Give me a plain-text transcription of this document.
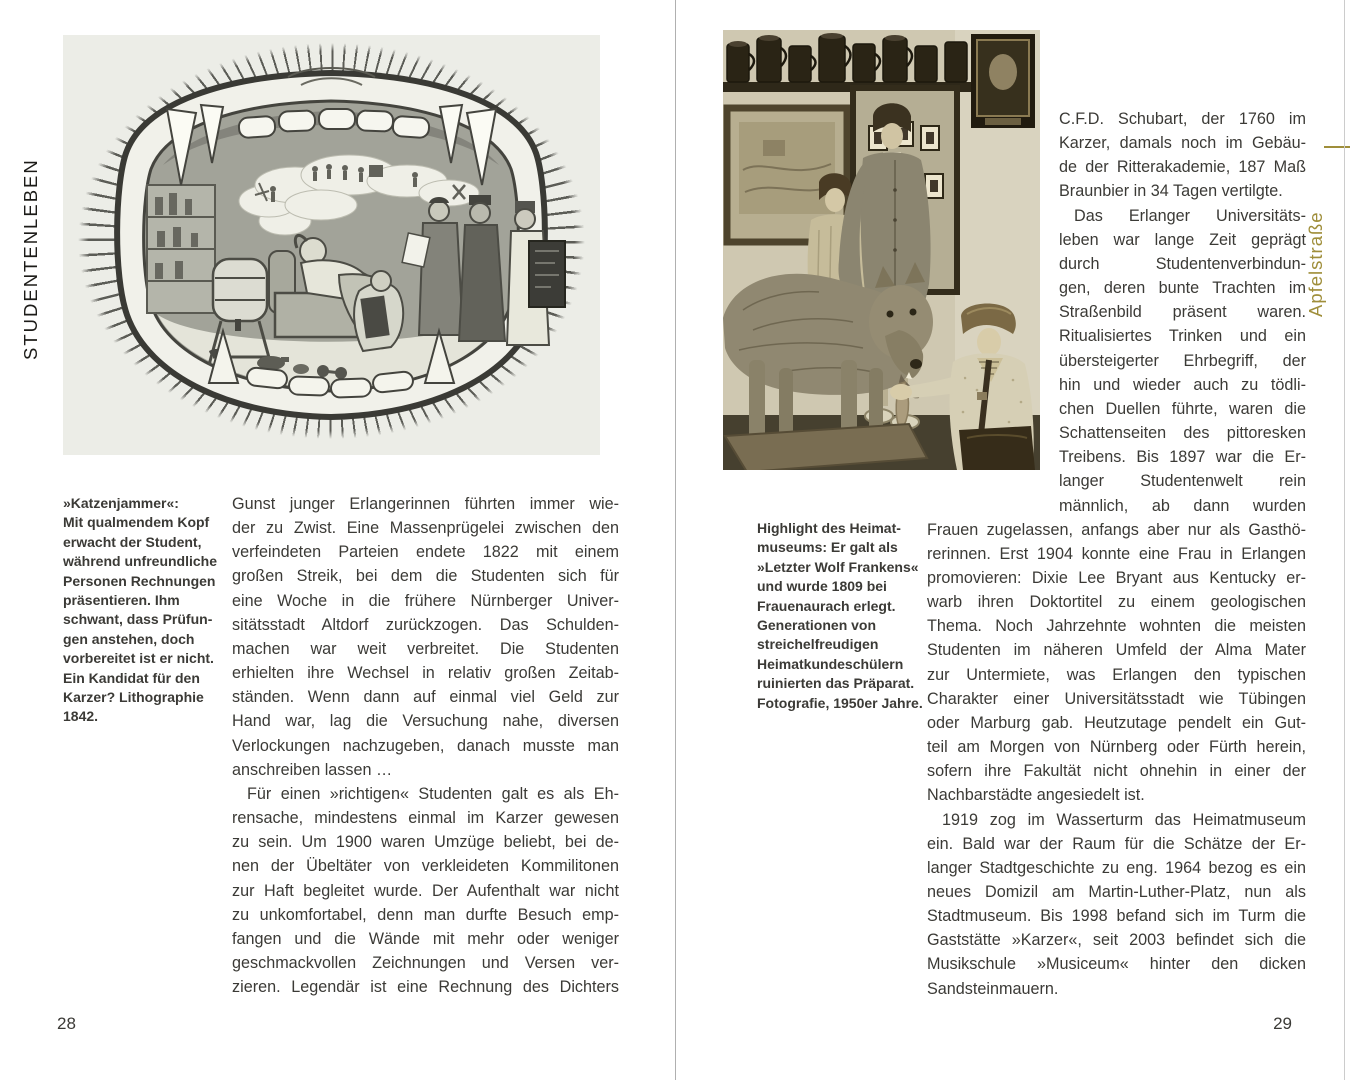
STUDENTENLEBEN
»Katzenjammer«:
Mit qualmendem Kopf
erwacht der Student,
während unfreundliche
Personen Rechnungen
präsentieren. Ihm
schwant, dass Prüfun-
gen anstehen, doch
vorbereitet ist er nicht.
Ein Kandidat für den
Karzer? Lithographie
1842.
Gunst junger Erlangerinnen führten immer wie-
der zu Zwist. Eine Massenprügelei zwischen den
verfeindeten Parteien endete 1822 mit einem
großen Streik, bei dem die Studenten sich für
eine Woche in die frühere Nürnberger Univer-
sitätsstadt Altdorf zurückzogen. Das Schulden-
machen war weit verbreitet. Die Studenten
erhielten ihre Wechsel in relativ großen Zeitab-
ständen. Wenn dann auf einmal viel Geld zur
Hand war, lag die Versuchung nahe, diversen
Verlockungen nachzugeben, danach musste man
anschreiben lassen …
Für einen »richtigen« Studenten galt es als Eh-
rensache, mindestens einmal im Karzer gewesen
zu sein. Um 1900 waren Umzüge beliebt, bei de-
nen der Übeltäter von verkleideten Kommilitonen
zur Haft begleitet wurde. Der Aufenthalt war nicht
zu unkomfortabel, denn man durfte Besuch emp-
fangen und die Wände mit mehr oder weniger
geschmackvollen Zeichnungen und Versen ver-
zieren. Legendär ist eine Rechnung des Dichters
28
Highlight des Heimat-
museums: Er galt als
»Letzter Wolf Frankens«
und wurde 1809 bei
Frauenaurach erlegt.
Generationen von
streichelfreudigen
Heimatkundeschülern
ruinierten das Präparat.
Fotografie, 1950er Jahre.
C.F.D. Schubart, der 1760 im
Karzer, damals noch im Gebäu-
de der Ritterakademie, 187 Maß
Braunbier in 34 Tagen vertilgte.
Das Erlanger Universitäts-
leben war lange Zeit geprägt
durch Studentenverbindun-
gen, deren bunte Trachten im
Straßenbild präsent waren.
Ritualisiertes Trinken und ein
übersteigerter Ehrbegriff, der
hin und wieder auch zu tödli-
chen Duellen führte, waren die
Schattenseiten des pittoresken
Treibens. Bis 1897 war die Er-
langer Studentenwelt rein
männlich, ab dann wurden
Frauen zugelassen, anfangs aber nur als Gasthö-
rerinnen. Erst 1904 konnte eine Frau in Erlangen
promovieren: Dixie Lee Bryant aus Kentucky er-
warb ihren Doktortitel zu einem geologischen
Thema. Noch Jahrzehnte wohnten die meisten
Studenten im näheren Umfeld der Alma Mater
zur Untermiete, was Erlangen den typischen
Charakter einer Universitätsstadt wie Tübingen
oder Marburg gab. Heutzutage pendelt ein Gut-
teil am Morgen von Nürnberg oder Fürth herein,
sofern ihre Fakultät nicht ohnehin in einer der
Nachbarstädte angesiedelt ist.
1919 zog im Wasserturm das Heimatmuseum
ein. Bald war der Raum für die Schätze der Er-
langer Stadtgeschichte zu eng. 1964 bezog es ein
neues Domizil am Martin-Luther-Platz, nun als
Stadtmuseum. Bis 1998 befand sich im Turm die
Gaststätte »Karzer«, seit 2003 befindet sich die
Musikschule »Musiceum« hinter den dicken
Sandsteinmauern.
Apfelstraße
29
